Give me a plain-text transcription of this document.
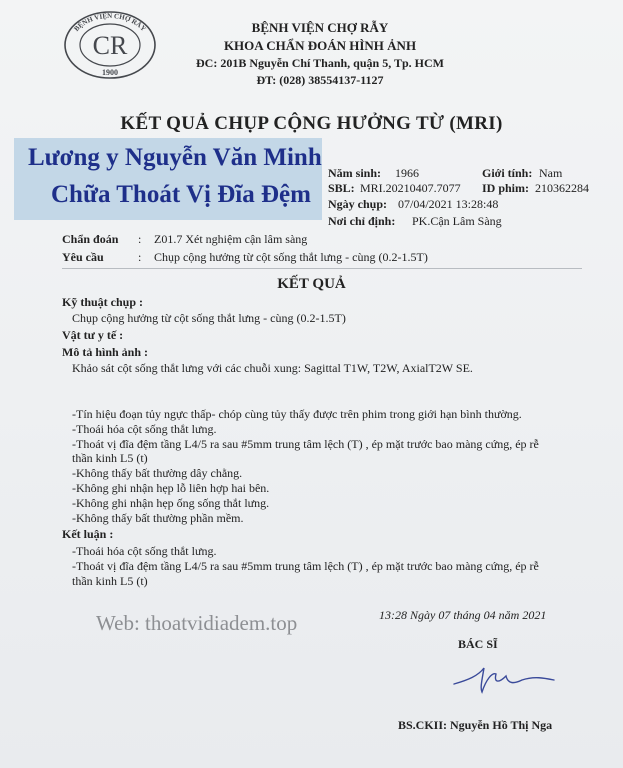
BỆNH VIỆN CHỢ RẪY
CR
1900
BỆNH VIỆN CHỢ RẪY
KHOA CHẨN ĐOÁN HÌNH ẢNH
ĐC: 201B Nguyễn Chí Thanh, quận 5, Tp. HCM
ĐT: (028) 38554137-1127
KẾT QUẢ CHỤP CỘNG HƯỞNG TỪ (MRI)
Lương y Nguyễn Văn Minh
Chữa Thoát Vị Đĩa Đệm
Năm sinh: 1966	Giới tính: Nam
SBL: MRI.20210407.7077 ID phim: 210362284
Ngày chụp: 07/04/2021 13:28:48
Nơi chỉ định: PK.Cận Lâm Sàng
Chẩn đoán : Z01.7 Xét nghiệm cận lâm sàng
Yêu cầu	: Chụp cộng hưởng từ cột sống thắt lưng - cùng (0.2-1.5T)
KẾT QUẢ
Kỹ thuật chụp :
Chụp cộng hưởng từ cột sống thắt lưng - cùng (0.2-1.5T)
Vật tư y tế :
Mô tả hình ảnh :
Khảo sát cột sống thắt lưng với các chuỗi xung: Sagittal T1W, T2W, AxialT2W SE.
-Tín hiệu đoạn tủy ngực thấp- chóp cùng tủy thấy được trên phim trong giới hạn bình thường.
-Thoái hóa cột sống thắt lưng.
-Thoát vị đĩa đệm tầng L4/5 ra sau #5mm trung tâm lệch (T) , ép mặt trước bao màng cứng, ép rễ
thần kinh L5 (t)
-Không thấy bất thường dây chằng.
-Không ghi nhận hẹp lỗ liên hợp hai bên.
-Không ghi nhận hẹp ống sống thắt lưng.
-Không thấy bất thường phần mềm.
Kết luận :
-Thoái hóa cột sống thắt lưng.
-Thoát vị đĩa đệm tầng L4/5 ra sau #5mm trung tâm lệch (T) , ép mặt trước bao màng cứng, ép rễ
thần kinh L5 (t)
Web: thoatvidiadem.top	13:28 Ngày 07 tháng 04 năm 2021
BÁC SĨ
BS.CKII: Nguyễn Hồ Thị Nga
